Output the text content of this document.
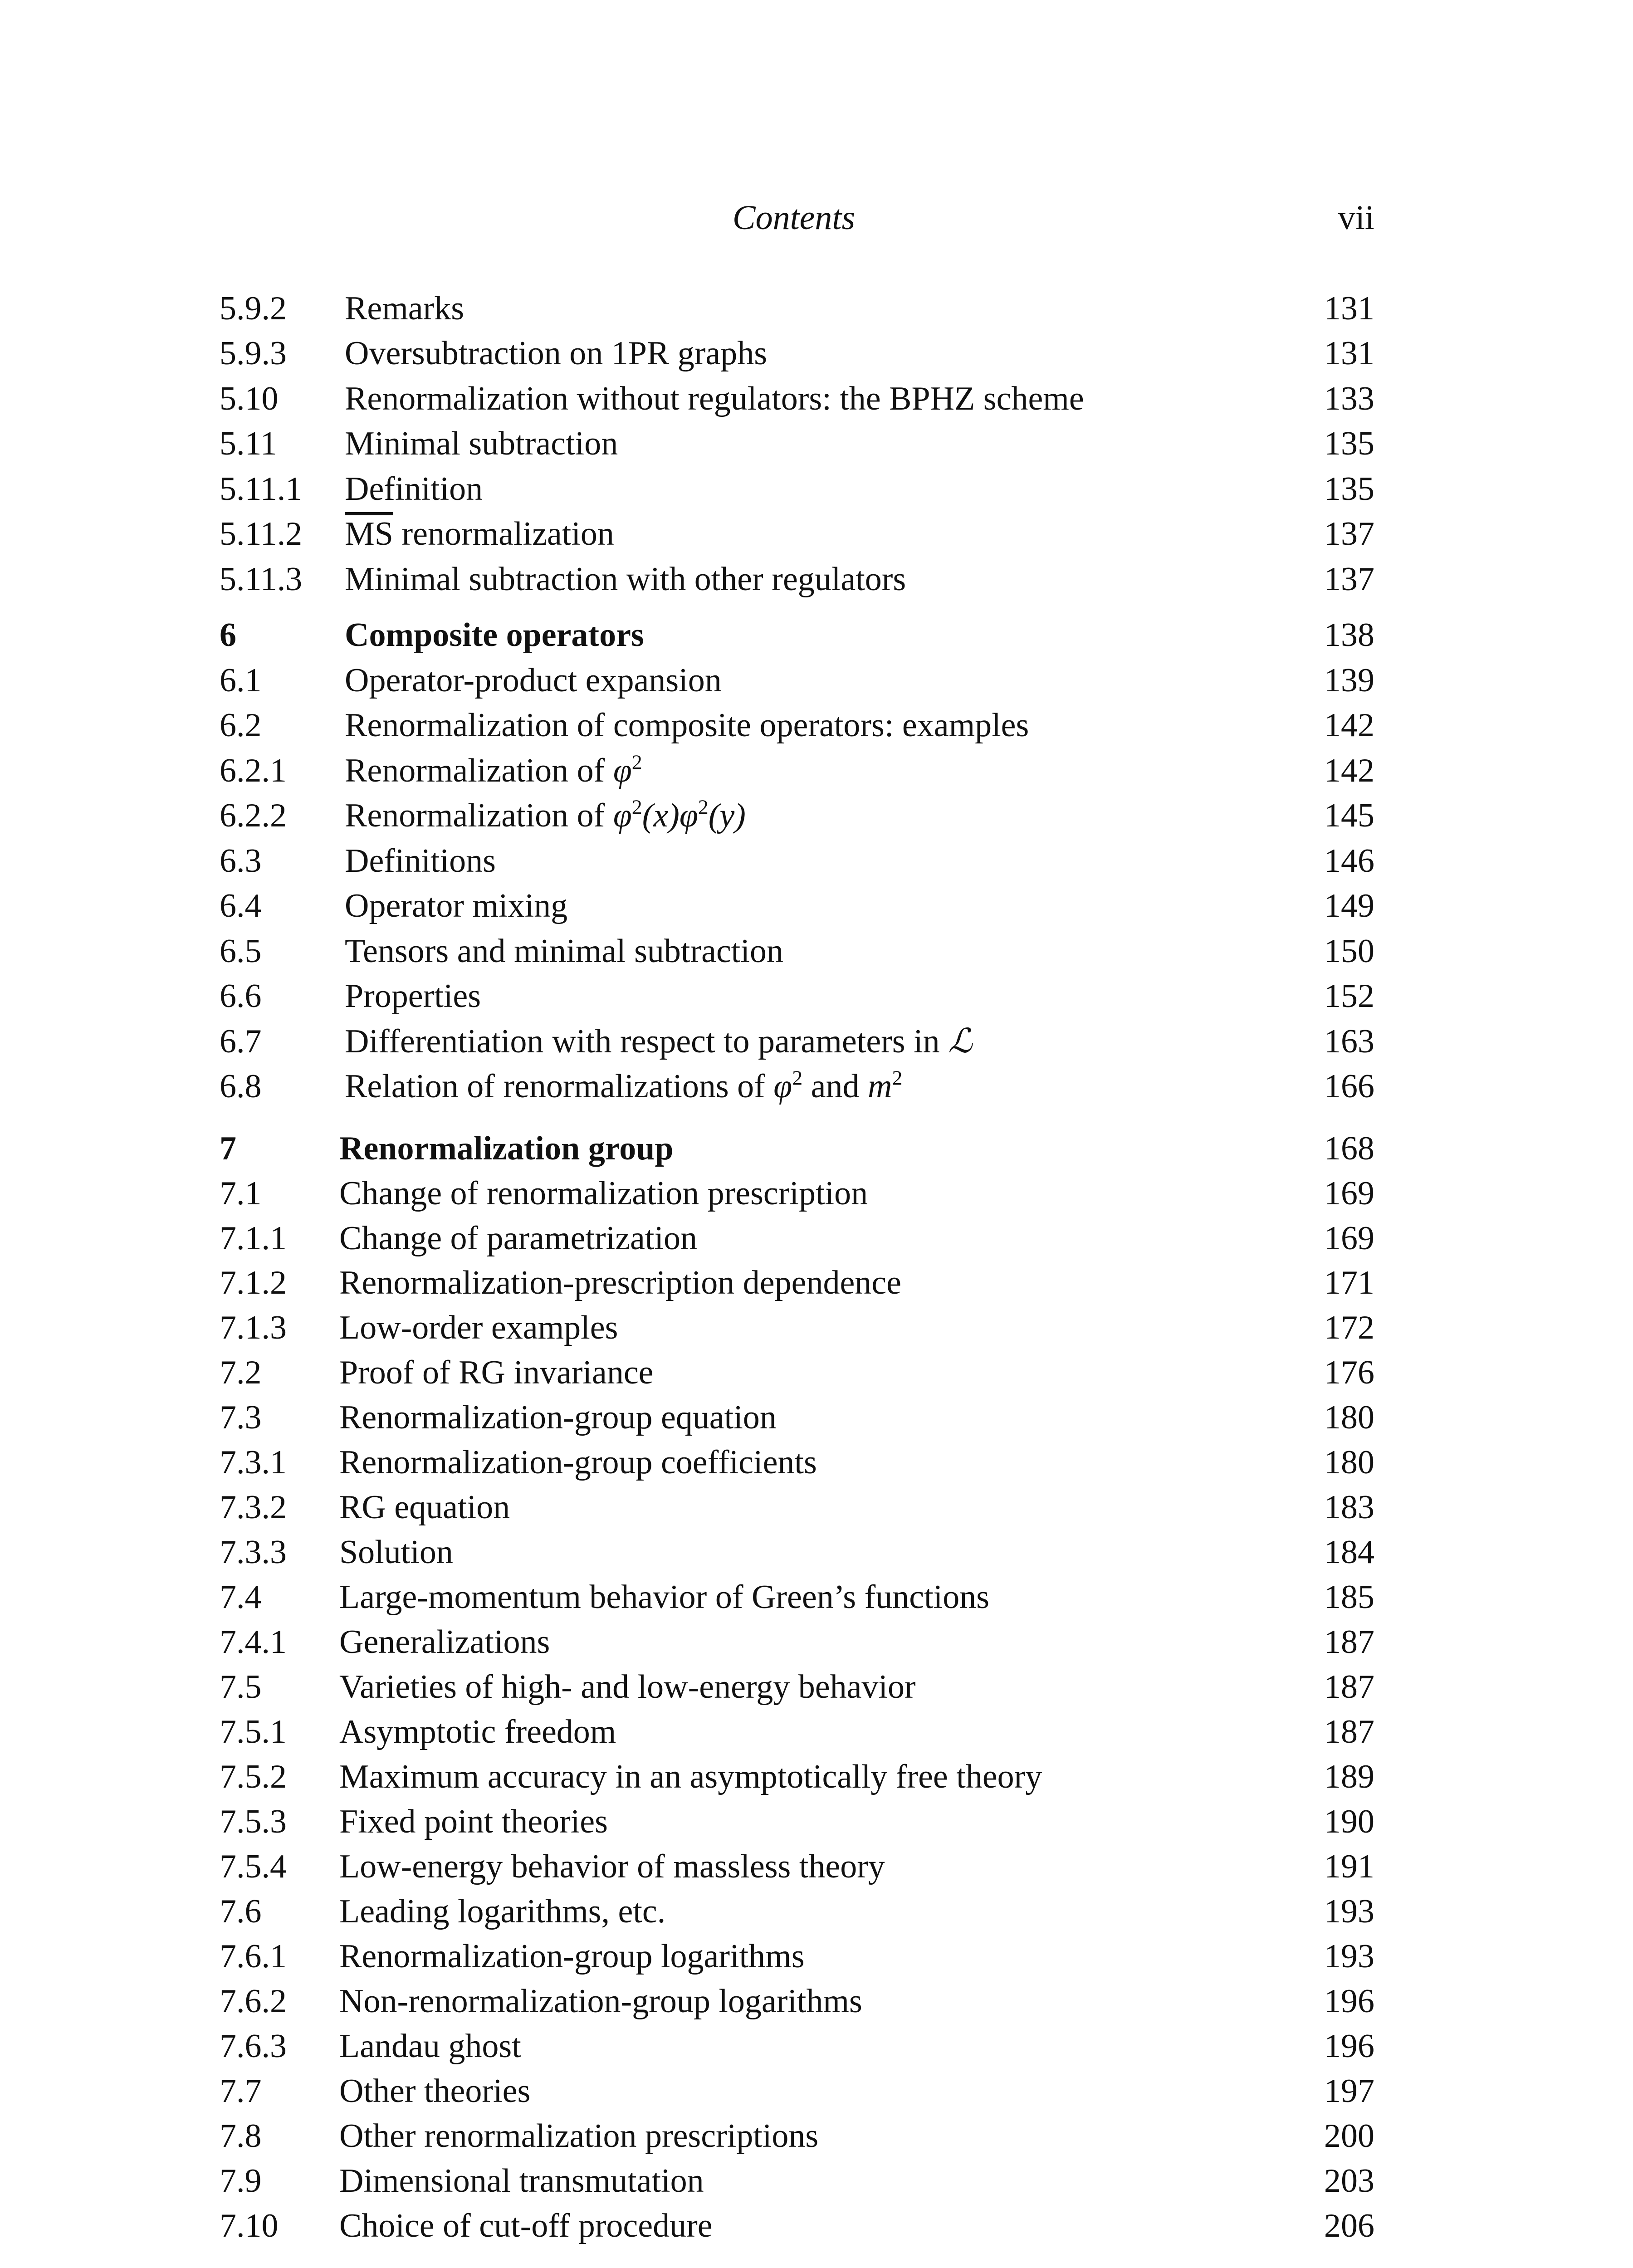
Contents	vii
5.9.2	Remarks	131
5.9.3	Oversubtraction on 1PR graphs	131
5.10	Renormalization without regulators: the BPHZ scheme	133
5.11	Minimal subtraction	135
5.11.1	Definition	135
5.11.2	$\overline{MS}$ renormalization	137
5.11.3	Minimal subtraction with other regulators	137
6	Composite operators	138
6.1	Operator-product expansion	139
6.2	Renormalization of composite operators: examples	142
6.2.1	Renormalization of $\varphi^2$	142
6.2.2	Renormalization of $\varphi^2(x)\varphi^2(y)$	145
6.3	Definitions	146
6.4	Operator mixing	149
6.5	Tensors and minimal subtraction	150
6.6	Properties	152
6.7	Differentiation with respect to parameters in ℒ	163
6.8	Relation of renormalizations of $\varphi^2$ and $m^2$	166
7	Renormalization group	168
7.1	Change of renormalization prescription	169
7.1.1	Change of parametrization	169
7.1.2	Renormalization-prescription dependence	171
7.1.3	Low-order examples	172
7.2	Proof of RG invariance	176
7.3	Renormalization-group equation	180
7.3.1	Renormalization-group coefficients	180
7.3.2	RG equation	183
7.3.3	Solution	184
7.4	Large-momentum behavior of Green’s functions	185
7.4.1	Generalizations	187
7.5	Varieties of high- and low-energy behavior	187
7.5.1	Asymptotic freedom	187
7.5.2	Maximum accuracy in an asymptotically free theory	189
7.5.3	Fixed point theories	190
7.5.4	Low-energy behavior of massless theory	191
7.6	Leading logarithms, etc.	193
7.6.1	Renormalization-group logarithms	193
7.6.2	Non-renormalization-group logarithms	196
7.6.3	Landau ghost	196
7.7	Other theories	197
7.8	Other renormalization prescriptions	200
7.9	Dimensional transmutation	203
7.10	Choice of cut-off procedure	206
